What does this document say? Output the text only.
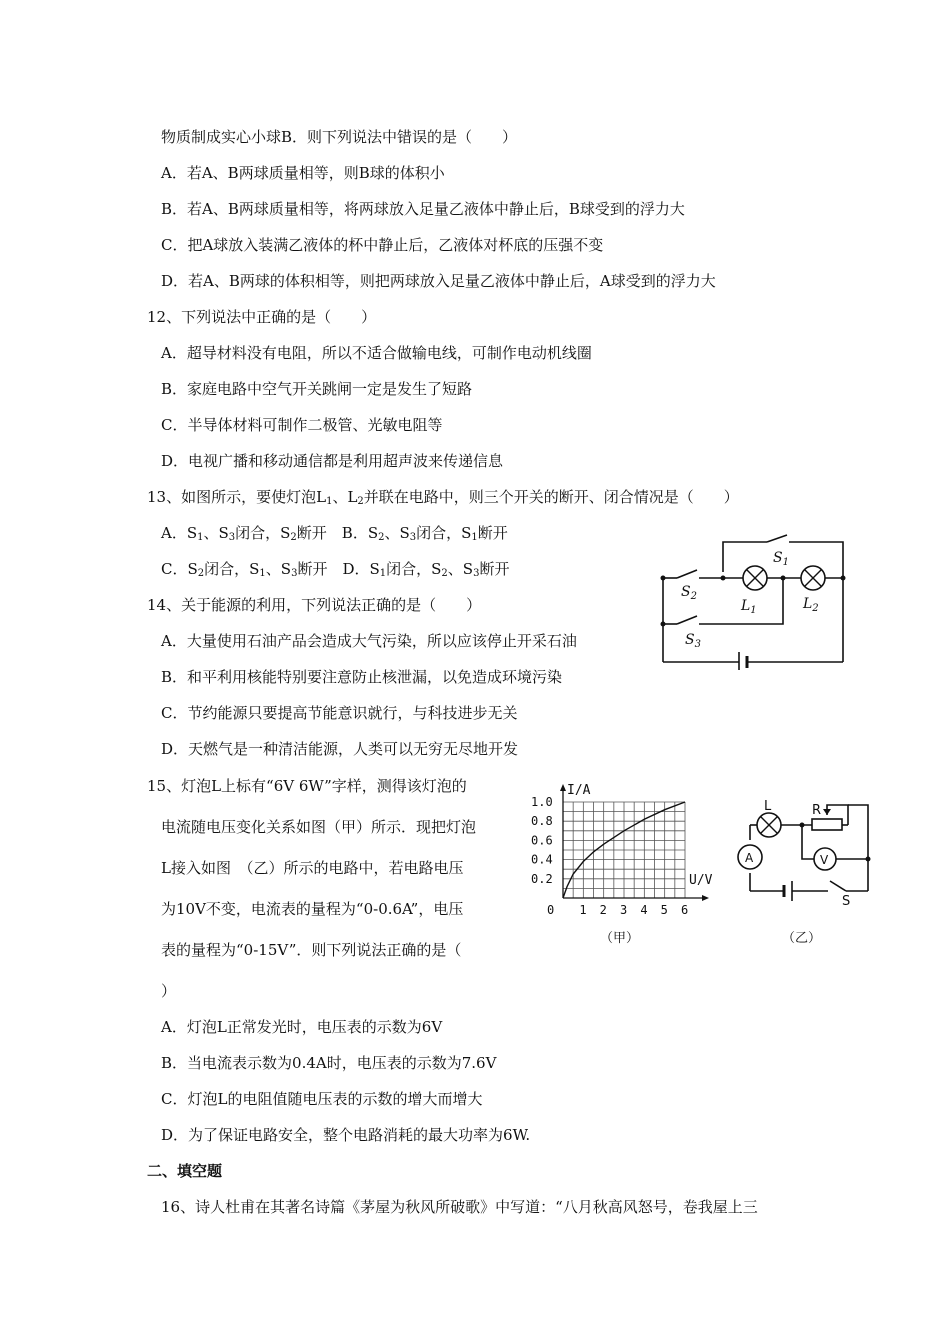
物质制成实心小球B．则下列说法中错误的是（　　）
A．若A、B两球质量相等，则B球的体积小
B．若A、B两球质量相等，将两球放入足量乙液体中静止后，B球受到的浮力大
C．把A球放入装满乙液体的杯中静止后，乙液体对杯底的压强不变
D．若A、B两球的体积相等，则把两球放入足量乙液体中静止后，A球受到的浮力大
12、下列说法中正确的是（　　）
A．超导材料没有电阻，所以不适合做输电线，可制作电动机线圈
B．家庭电路中空气开关跳闸一定是发生了短路
C．半导体材料可制作二极管、光敏电阻等
D．电视广播和移动通信都是利用超声波来传递信息
13、如图所示，要使灯泡$L_1$、$L_2$并联在电路中，则三个开关的断开、闭合情况是（　　）
A．$S_1$、$S_3$闭合，$S_2$断开　B．$S_2$、$S_3$闭合，$S_1$断开
C．$S_2$闭合，$S_1$、$S_3$断开　D．$S_1$闭合，$S_2$、$S_3$断开
14、关于能源的利用，下列说法正确的是（　　）
A．大量使用石油产品会造成大气污染，所以应该停止开采石油
B．和平利用核能特别要注意防止核泄漏，以免造成环境污染
C．节约能源只要提高节能意识就行，与科技进步无关
D．天燃气是一种清洁能源，人类可以无穷无尽地开发
15、灯泡L上标有“6V 6W”字样，测得该灯泡的
电流随电压变化关系如图（甲）所示．现把灯泡
L接入如图　（乙）所示的电路中，若电路电压
为10V不变，电流表的量程为“0-0.6A”，电压
表的量程为“0-15V”．则下列说法正确的是（
）
A．灯泡L正常发光时，电压表的示数为6V
B．当电流表示数为0.4A时，电压表的示数为7.6V
C．灯泡L的电阻值随电压表的示数的增大而增大
D．为了保证电路安全，整个电路消耗的最大功率为6W.
二、填空题
16、诗人杜甫在其著名诗篇《茅屋为秋风所破歌》中写道：“八月秋高风怒号，卷我屋上三
$S_1$
$S_2$
$L_1$	$L_2$
$S_3$
1 2 3 4 5 6
0.2
0.4
0.6
0.8
1.0
0
I/A
U/V
（甲）
L	R
A	V
S
（乙）
